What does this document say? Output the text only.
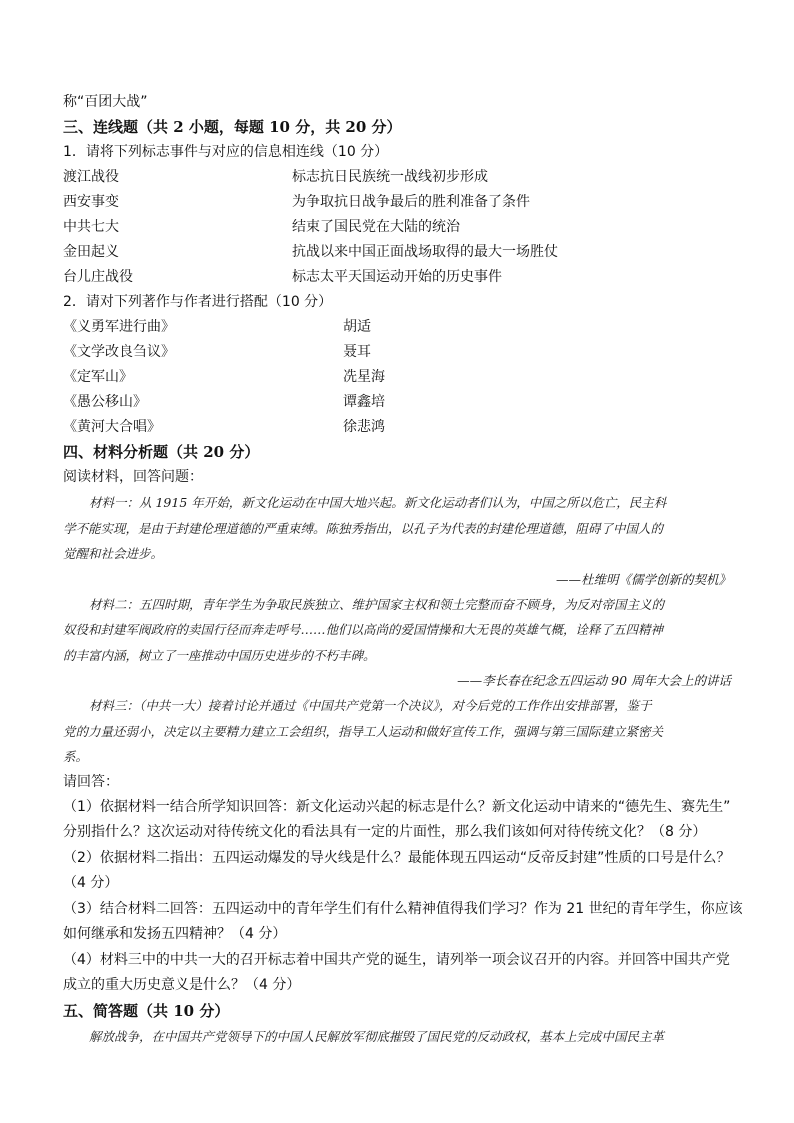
称“百团大战”
三、连线题（共 2 小题，每题 10 分，共 20 分）
1．请将下列标志事件与对应的信息相连线（10 分）
渡江战役	标志抗日民族统一战线初步形成
西安事变	为争取抗日战争最后的胜利准备了条件
中共七大	结束了国民党在大陆的统治
金田起义	抗战以来中国正面战场取得的最大一场胜仗
台儿庄战役	标志太平天国运动开始的历史事件
2．请对下列著作与作者进行搭配（10 分）
《义勇军进行曲》	胡适
《文学改良刍议》	聂耳
《定军山》	冼星海
《愚公移山》	谭鑫培
《黄河大合唱》	徐悲鸿
四、材料分析题（共 20 分）
阅读材料，回答问题：
材料一：从 1915 年开始，新文化运动在中国大地兴起。新文化运动者们认为，中国之所以危亡，民主科
学不能实现，是由于封建伦理道德的严重束缚。陈独秀指出，以孔子为代表的封建伦理道德，阻碍了中国人的
觉醒和社会进步。
——杜维明《儒学创新的契机》
材料二：五四时期，青年学生为争取民族独立、维护国家主权和领土完整而奋不顾身，为反对帝国主义的
奴役和封建军阀政府的卖国行径而奔走呼号……他们以高尚的爱国情操和大无畏的英雄气概，诠释了五四精神
的丰富内涵，树立了一座推动中国历史进步的不朽丰碑。
——李长春在纪念五四运动 90 周年大会上的讲话
材料三：（中共一大）接着讨论并通过《中国共产党第一个决议》，对今后党的工作作出安排部署，鉴于
党的力量还弱小，决定以主要精力建立工会组织，指导工人运动和做好宣传工作，强调与第三国际建立紧密关
系。
请回答：
（1）依据材料一结合所学知识回答：新文化运动兴起的标志是什么？新文化运动中请来的“德先生、赛先生”
分别指什么？这次运动对待传统文化的看法具有一定的片面性，那么我们该如何对待传统文化？（8 分）
（2）依据材料二指出：五四运动爆发的导火线是什么？最能体现五四运动“反帝反封建”性质的口号是什么？
（4 分）
（3）结合材料二回答：五四运动中的青年学生们有什么精神值得我们学习？作为 21 世纪的青年学生，你应该
如何继承和发扬五四精神？（4 分）
（4）材料三中的中共一大的召开标志着中国共产党的诞生，请列举一项会议召开的内容。并回答中国共产党
成立的重大历史意义是什么？（4 分）
五、简答题（共 10 分）
解放战争，在中国共产党领导下的中国人民解放军彻底摧毁了国民党的反动政权，基本上完成中国民主革
